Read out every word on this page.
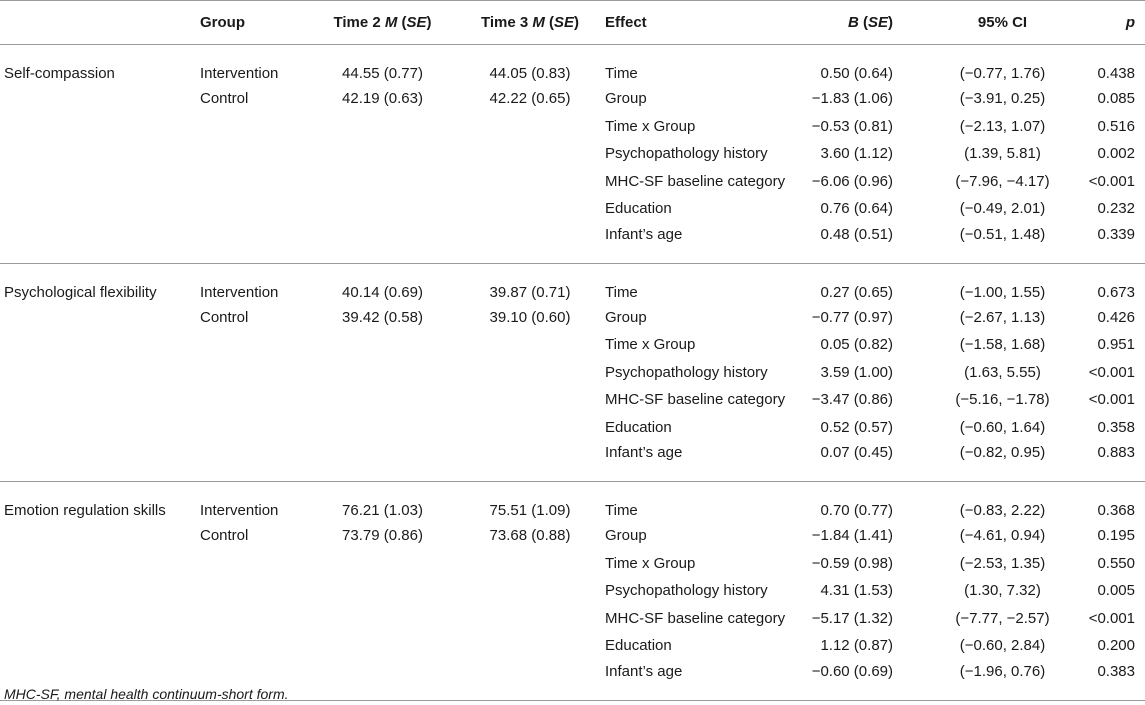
	Group	Time 2 M (SE)	Time 3 M (SE)	Effect	B (SE)	95% CI	p
Self-compassion	Intervention	44.55 (0.77)	44.05 (0.83)	Time	0.50 (0.64)	(−0.77, 1.76)	0.438
	Control	42.19 (0.63)	42.22 (0.65)	Group	−1.83 (1.06)	(−3.91, 0.25)	0.085
				Time x Group	−0.53 (0.81)	(−2.13, 1.07)	0.516
				Psychopathology history	3.60 (1.12)	(1.39, 5.81)	0.002
				MHC-SF baseline category	−6.06 (0.96)	(−7.96, −4.17)	<0.001
				Education	0.76 (0.64)	(−0.49, 2.01)	0.232
				Infant’s age	0.48 (0.51)	(−0.51, 1.48)	0.339
Psychological flexibility	Intervention	40.14 (0.69)	39.87 (0.71)	Time	0.27 (0.65)	(−1.00, 1.55)	0.673
	Control	39.42 (0.58)	39.10 (0.60)	Group	−0.77 (0.97)	(−2.67, 1.13)	0.426
				Time x Group	0.05 (0.82)	(−1.58, 1.68)	0.951
				Psychopathology history	3.59 (1.00)	(1.63, 5.55)	<0.001
				MHC-SF baseline category	−3.47 (0.86)	(−5.16, −1.78)	<0.001
				Education	0.52 (0.57)	(−0.60, 1.64)	0.358
				Infant’s age	0.07 (0.45)	(−0.82, 0.95)	0.883
Emotion regulation skills	Intervention	76.21 (1.03)	75.51 (1.09)	Time	0.70 (0.77)	(−0.83, 2.22)	0.368
	Control	73.79 (0.86)	73.68 (0.88)	Group	−1.84 (1.41)	(−4.61, 0.94)	0.195
				Time x Group	−0.59 (0.98)	(−2.53, 1.35)	0.550
				Psychopathology history	4.31 (1.53)	(1.30, 7.32)	0.005
				MHC-SF baseline category	−5.17 (1.32)	(−7.77, −2.57)	<0.001
				Education	1.12 (0.87)	(−0.60, 2.84)	0.200
				Infant’s age	−0.60 (0.69)	(−1.96, 0.76)	0.383
MHC-SF, mental health continuum-short form.
